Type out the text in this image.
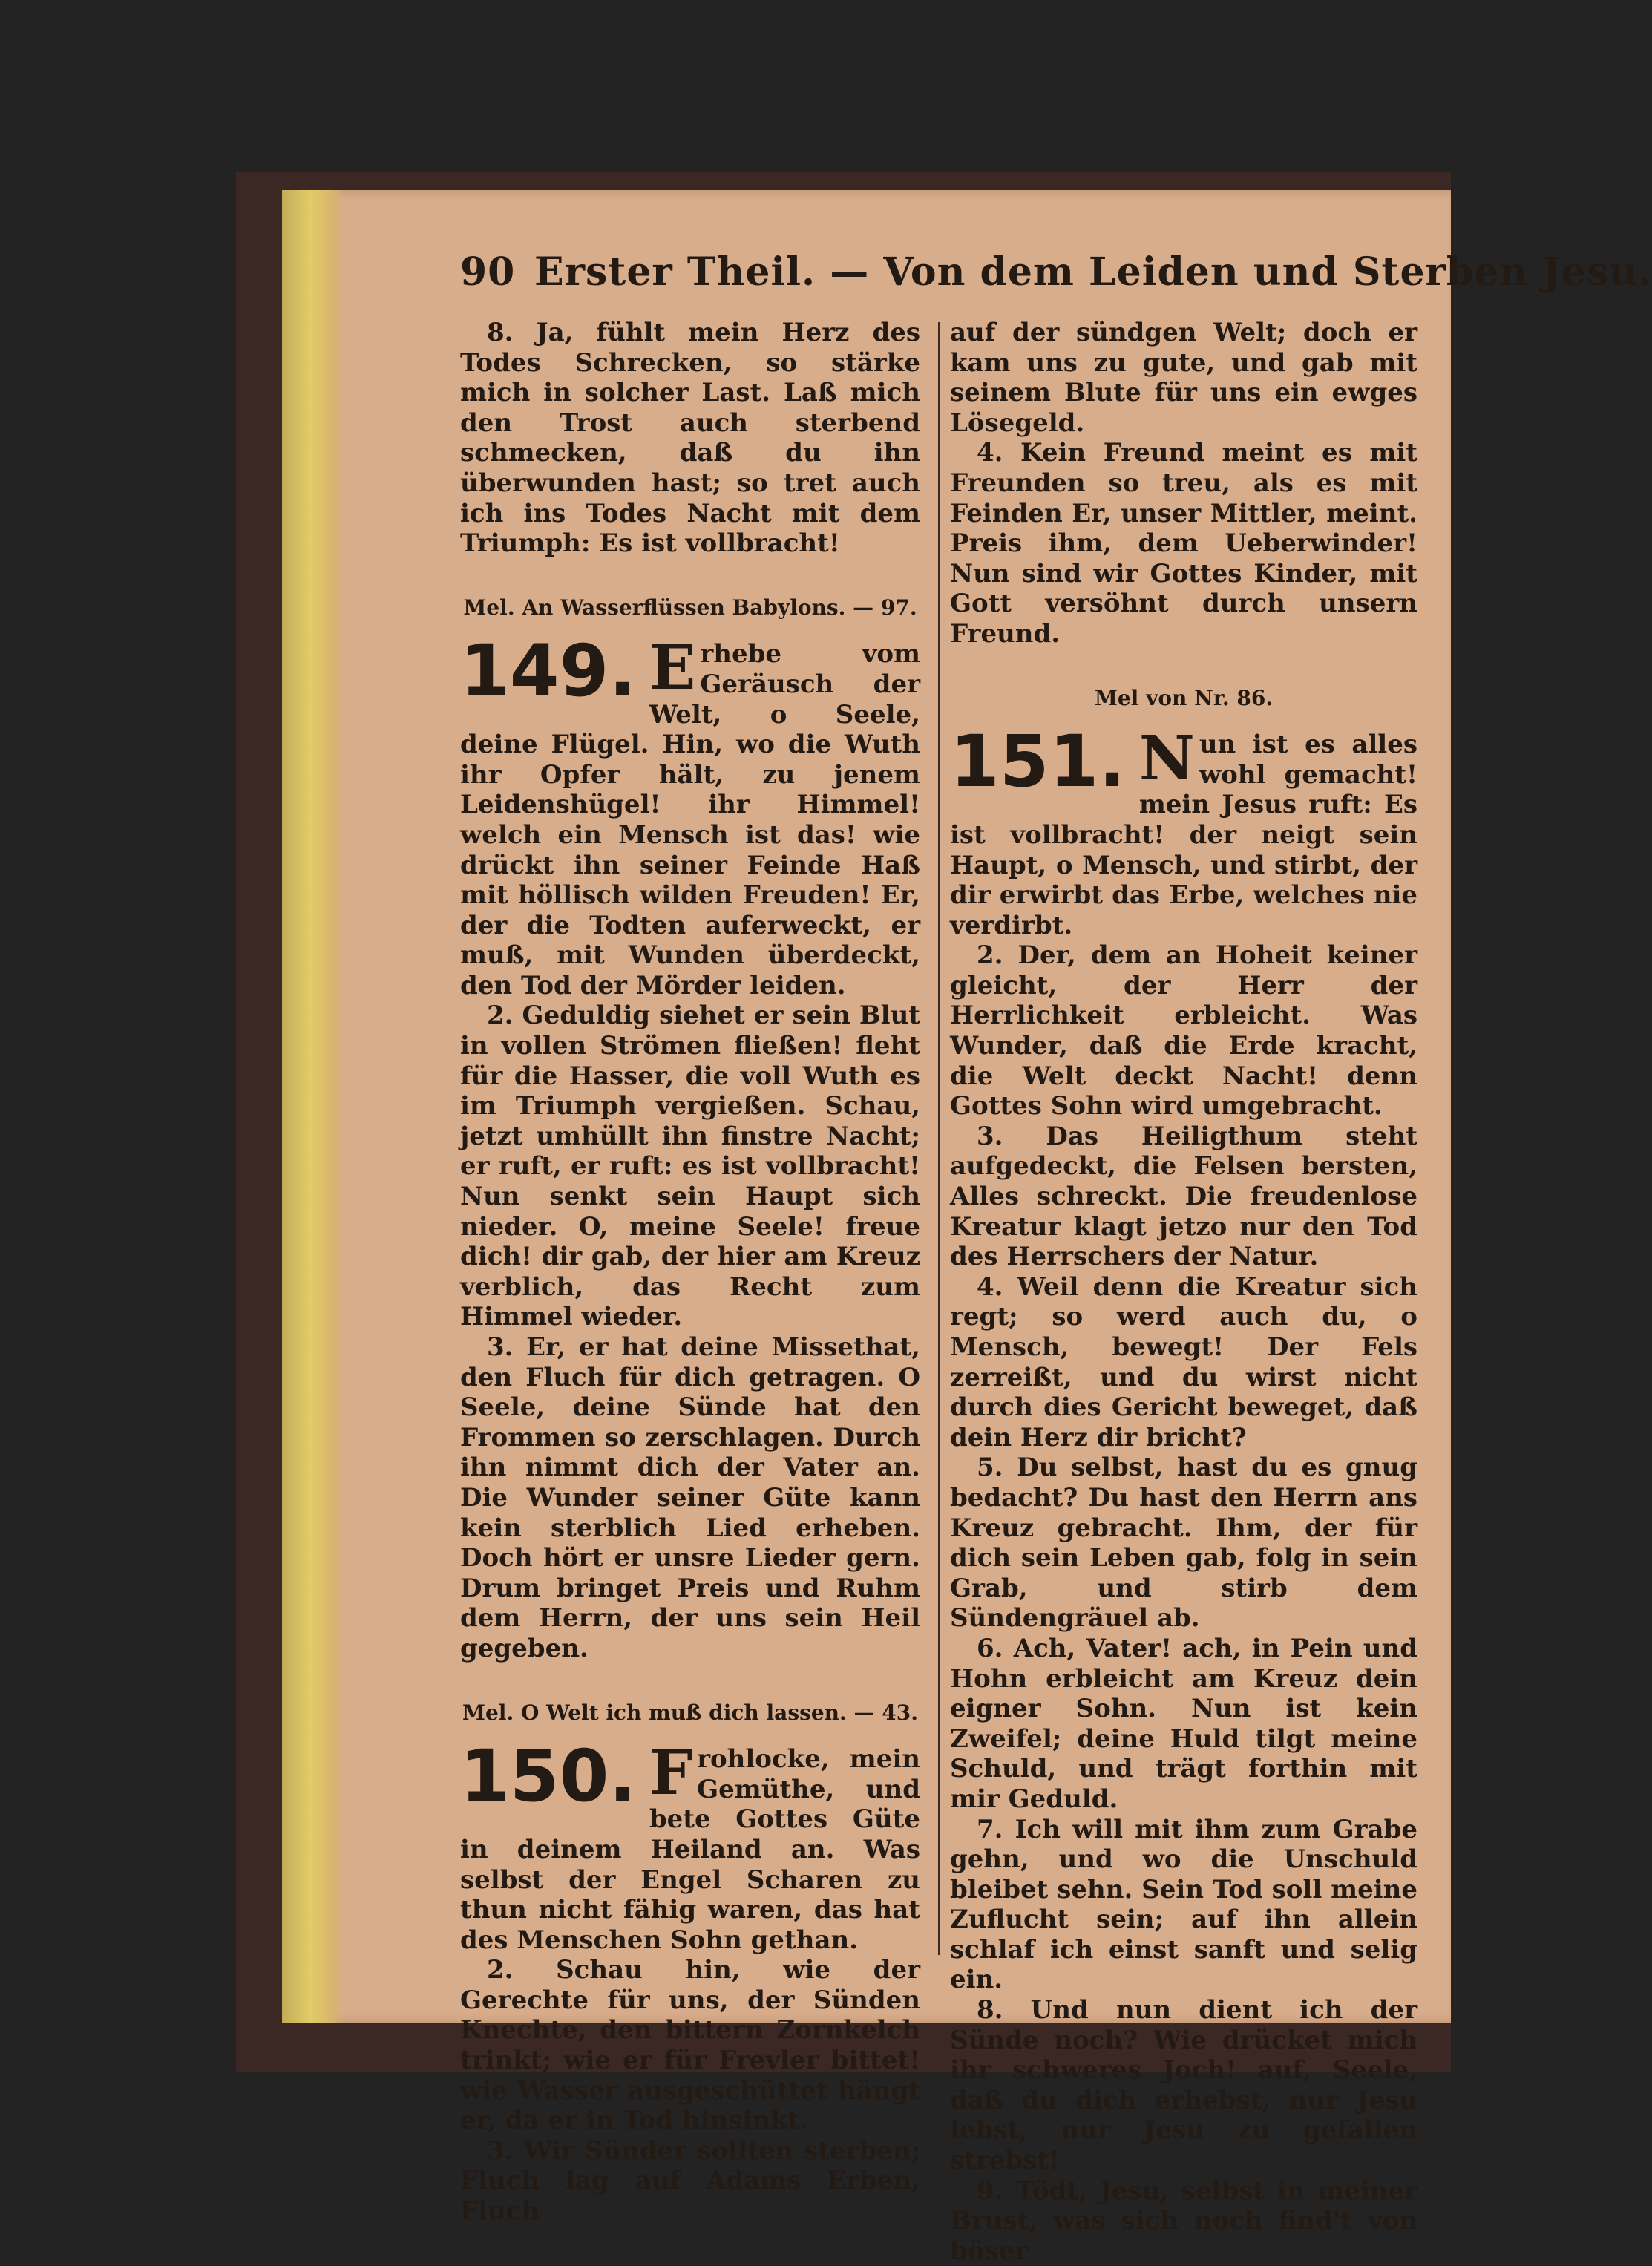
90 Erster Theil. — Von dem Leiden und Sterben Jesu.

8. Ja, fühlt mein Herz des Todes Schrecken, so stärke mich in solcher Last. Laß mich den Trost auch sterbend schmecken, daß du ihn überwunden hast; so tret auch ich ins Todes Nacht mit dem Triumph: Es ist vollbracht!

Mel. An Wasserflüssen Babylons. — 97.

149. E rhebe vom Geräusch der Welt, o Seele, deine Flügel. Hin, wo die Wuth ihr Opfer hält, zu jenem Leidenshügel! ihr Himmel! welch ein Mensch ist das! wie drückt ihn seiner Feinde Haß mit höllisch wilden Freuden! Er, der die Todten auferweckt, er muß, mit Wunden überdeckt, den Tod der Mörder leiden.

2. Geduldig siehet er sein Blut in vollen Strömen fließen! fleht für die Hasser, die voll Wuth es im Triumph vergießen. Schau, jetzt umhüllt ihn finstre Nacht; er ruft, er ruft: es ist vollbracht! Nun senkt sein Haupt sich nieder. O, meine Seele! freue dich! dir gab, der hier am Kreuz verblich, das Recht zum Himmel wieder.

3. Er, er hat deine Missethat, den Fluch für dich getragen. O Seele, deine Sünde hat den Frommen so zerschlagen. Durch ihn nimmt dich der Vater an. Die Wunder seiner Güte kann kein sterblich Lied erheben. Doch hört er unsre Lieder gern. Drum bringet Preis und Ruhm dem Herrn, der uns sein Heil gegeben.

Mel. O Welt ich muß dich lassen. — 43.

150. F rohlocke, mein Gemüthe, und bete Gottes Güte in deinem Heiland an. Was selbst der Engel Scharen zu thun nicht fähig waren, das hat des Menschen Sohn gethan.

2. Schau hin, wie der Gerechte für uns, der Sünden Knechte, den bittern Zornkelch trinkt; wie er für Frevler bittet! wie Wasser ausgeschüttet hängt er, da er in Tod hinsinkt.

3. Wir Sünder sollten sterben; Fluch lag auf Adams Erben, Fluch

auf der sündgen Welt; doch er kam uns zu gute, und gab mit seinem Blute für uns ein ewges Lösegeld.

4. Kein Freund meint es mit Freunden so treu, als es mit Feinden Er, unser Mittler, meint. Preis ihm, dem Ueberwinder! Nun sind wir Gottes Kinder, mit Gott versöhnt durch unsern Freund.

Mel von Nr. 86.

151. N un ist es alles wohl gemacht! mein Jesus ruft: Es ist vollbracht! der neigt sein Haupt, o Mensch, und stirbt, der dir erwirbt das Erbe, welches nie verdirbt.

2. Der, dem an Hoheit keiner gleicht, der Herr der Herrlichkeit erbleicht. Was Wunder, daß die Erde kracht, die Welt deckt Nacht! denn Gottes Sohn wird umgebracht.

3. Das Heiligthum steht aufgedeckt, die Felsen bersten, Alles schreckt. Die freudenlose Kreatur klagt jetzo nur den Tod des Herrschers der Natur.

4. Weil denn die Kreatur sich regt; so werd auch du, o Mensch, bewegt! Der Fels zerreißt, und du wirst nicht durch dies Gericht beweget, daß dein Herz dir bricht?

5. Du selbst, hast du es gnug bedacht? Du hast den Herrn ans Kreuz gebracht. Ihm, der für dich sein Leben gab, folg in sein Grab, und stirb dem Sündengräuel ab.

6. Ach, Vater! ach, in Pein und Hohn erbleicht am Kreuz dein eigner Sohn. Nun ist kein Zweifel; deine Huld tilgt meine Schuld, und trägt forthin mit mir Geduld.

7. Ich will mit ihm zum Grabe gehn, und wo die Unschuld bleibet sehn. Sein Tod soll meine Zuflucht sein; auf ihn allein schlaf ich einst sanft und selig ein.

8. Und nun dient ich der Sünde noch? Wie drücket mich ihr schweres Joch! auf, Seele, daß du dich erhebst, nur Jesu lebst, nur Jesu zu gefallen strebst!

9. Tödt, Jesu, selbst in meiner Brust, was sich noch find't von böser
